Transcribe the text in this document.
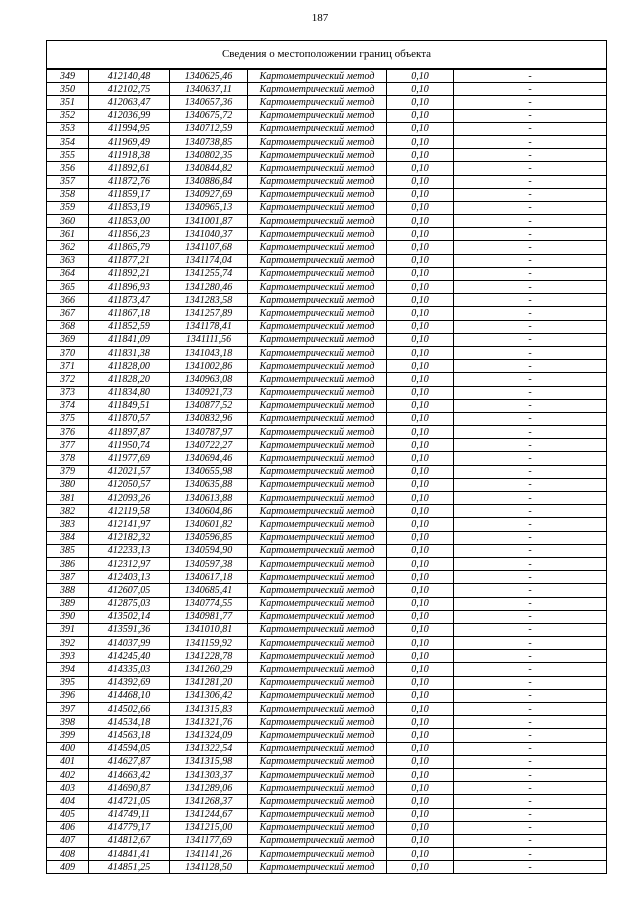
187
Сведения о местоположении границ объекта					
349	412140,48	1340625,46	Картометрический метод	0,10	-
350	412102,75	1340637,11	Картометрический метод	0,10	-
351	412063,47	1340657,36	Картометрический метод	0,10	-
352	412036,99	1340675,72	Картометрический метод	0,10	-
353	411994,95	1340712,59	Картометрический метод	0,10	-
354	411969,49	1340738,85	Картометрический метод	0,10	-
355	411918,38	1340802,35	Картометрический метод	0,10	-
356	411892,61	1340844,82	Картометрический метод	0,10	-
357	411872,76	1340886,84	Картометрический метод	0,10	-
358	411859,17	1340927,69	Картометрический метод	0,10	-
359	411853,19	1340965,13	Картометрический метод	0,10	-
360	411853,00	1341001,87	Картометрический метод	0,10	-
361	411856,23	1341040,37	Картометрический метод	0,10	-
362	411865,79	1341107,68	Картометрический метод	0,10	-
363	411877,21	1341174,04	Картометрический метод	0,10	-
364	411892,21	1341255,74	Картометрический метод	0,10	-
365	411896,93	1341280,46	Картометрический метод	0,10	-
366	411873,47	1341283,58	Картометрический метод	0,10	-
367	411867,18	1341257,89	Картометрический метод	0,10	-
368	411852,59	1341178,41	Картометрический метод	0,10	-
369	411841,09	1341111,56	Картометрический метод	0,10	-
370	411831,38	1341043,18	Картометрический метод	0,10	-
371	411828,00	1341002,86	Картометрический метод	0,10	-
372	411828,20	1340963,08	Картометрический метод	0,10	-
373	411834,80	1340921,73	Картометрический метод	0,10	-
374	411849,51	1340877,52	Картометрический метод	0,10	-
375	411870,57	1340832,96	Картометрический метод	0,10	-
376	411897,87	1340787,97	Картометрический метод	0,10	-
377	411950,74	1340722,27	Картометрический метод	0,10	-
378	411977,69	1340694,46	Картометрический метод	0,10	-
379	412021,57	1340655,98	Картометрический метод	0,10	-
380	412050,57	1340635,88	Картометрический метод	0,10	-
381	412093,26	1340613,88	Картометрический метод	0,10	-
382	412119,58	1340604,86	Картометрический метод	0,10	-
383	412141,97	1340601,82	Картометрический метод	0,10	-
384	412182,32	1340596,85	Картометрический метод	0,10	-
385	412233,13	1340594,90	Картометрический метод	0,10	-
386	412312,97	1340597,38	Картометрический метод	0,10	-
387	412403,13	1340617,18	Картометрический метод	0,10	-
388	412607,05	1340685,41	Картометрический метод	0,10	-
389	412875,03	1340774,55	Картометрический метод	0,10	-
390	413502,14	1340981,77	Картометрический метод	0,10	-
391	413591,36	1341010,81	Картометрический метод	0,10	-
392	414037,99	1341159,92	Картометрический метод	0,10	-
393	414245,40	1341228,78	Картометрический метод	0,10	-
394	414335,03	1341260,29	Картометрический метод	0,10	-
395	414392,69	1341281,20	Картометрический метод	0,10	-
396	414468,10	1341306,42	Картометрический метод	0,10	-
397	414502,66	1341315,83	Картометрический метод	0,10	-
398	414534,18	1341321,76	Картометрический метод	0,10	-
399	414563,18	1341324,09	Картометрический метод	0,10	-
400	414594,05	1341322,54	Картометрический метод	0,10	-
401	414627,87	1341315,98	Картометрический метод	0,10	-
402	414663,42	1341303,37	Картометрический метод	0,10	-
403	414690,87	1341289,06	Картометрический метод	0,10	-
404	414721,05	1341268,37	Картометрический метод	0,10	-
405	414749,11	1341244,67	Картометрический метод	0,10	-
406	414779,17	1341215,00	Картометрический метод	0,10	-
407	414812,67	1341177,69	Картометрический метод	0,10	-
408	414841,41	1341141,26	Картометрический метод	0,10	-
409	414851,25	1341128,50	Картометрический метод	0,10	-
